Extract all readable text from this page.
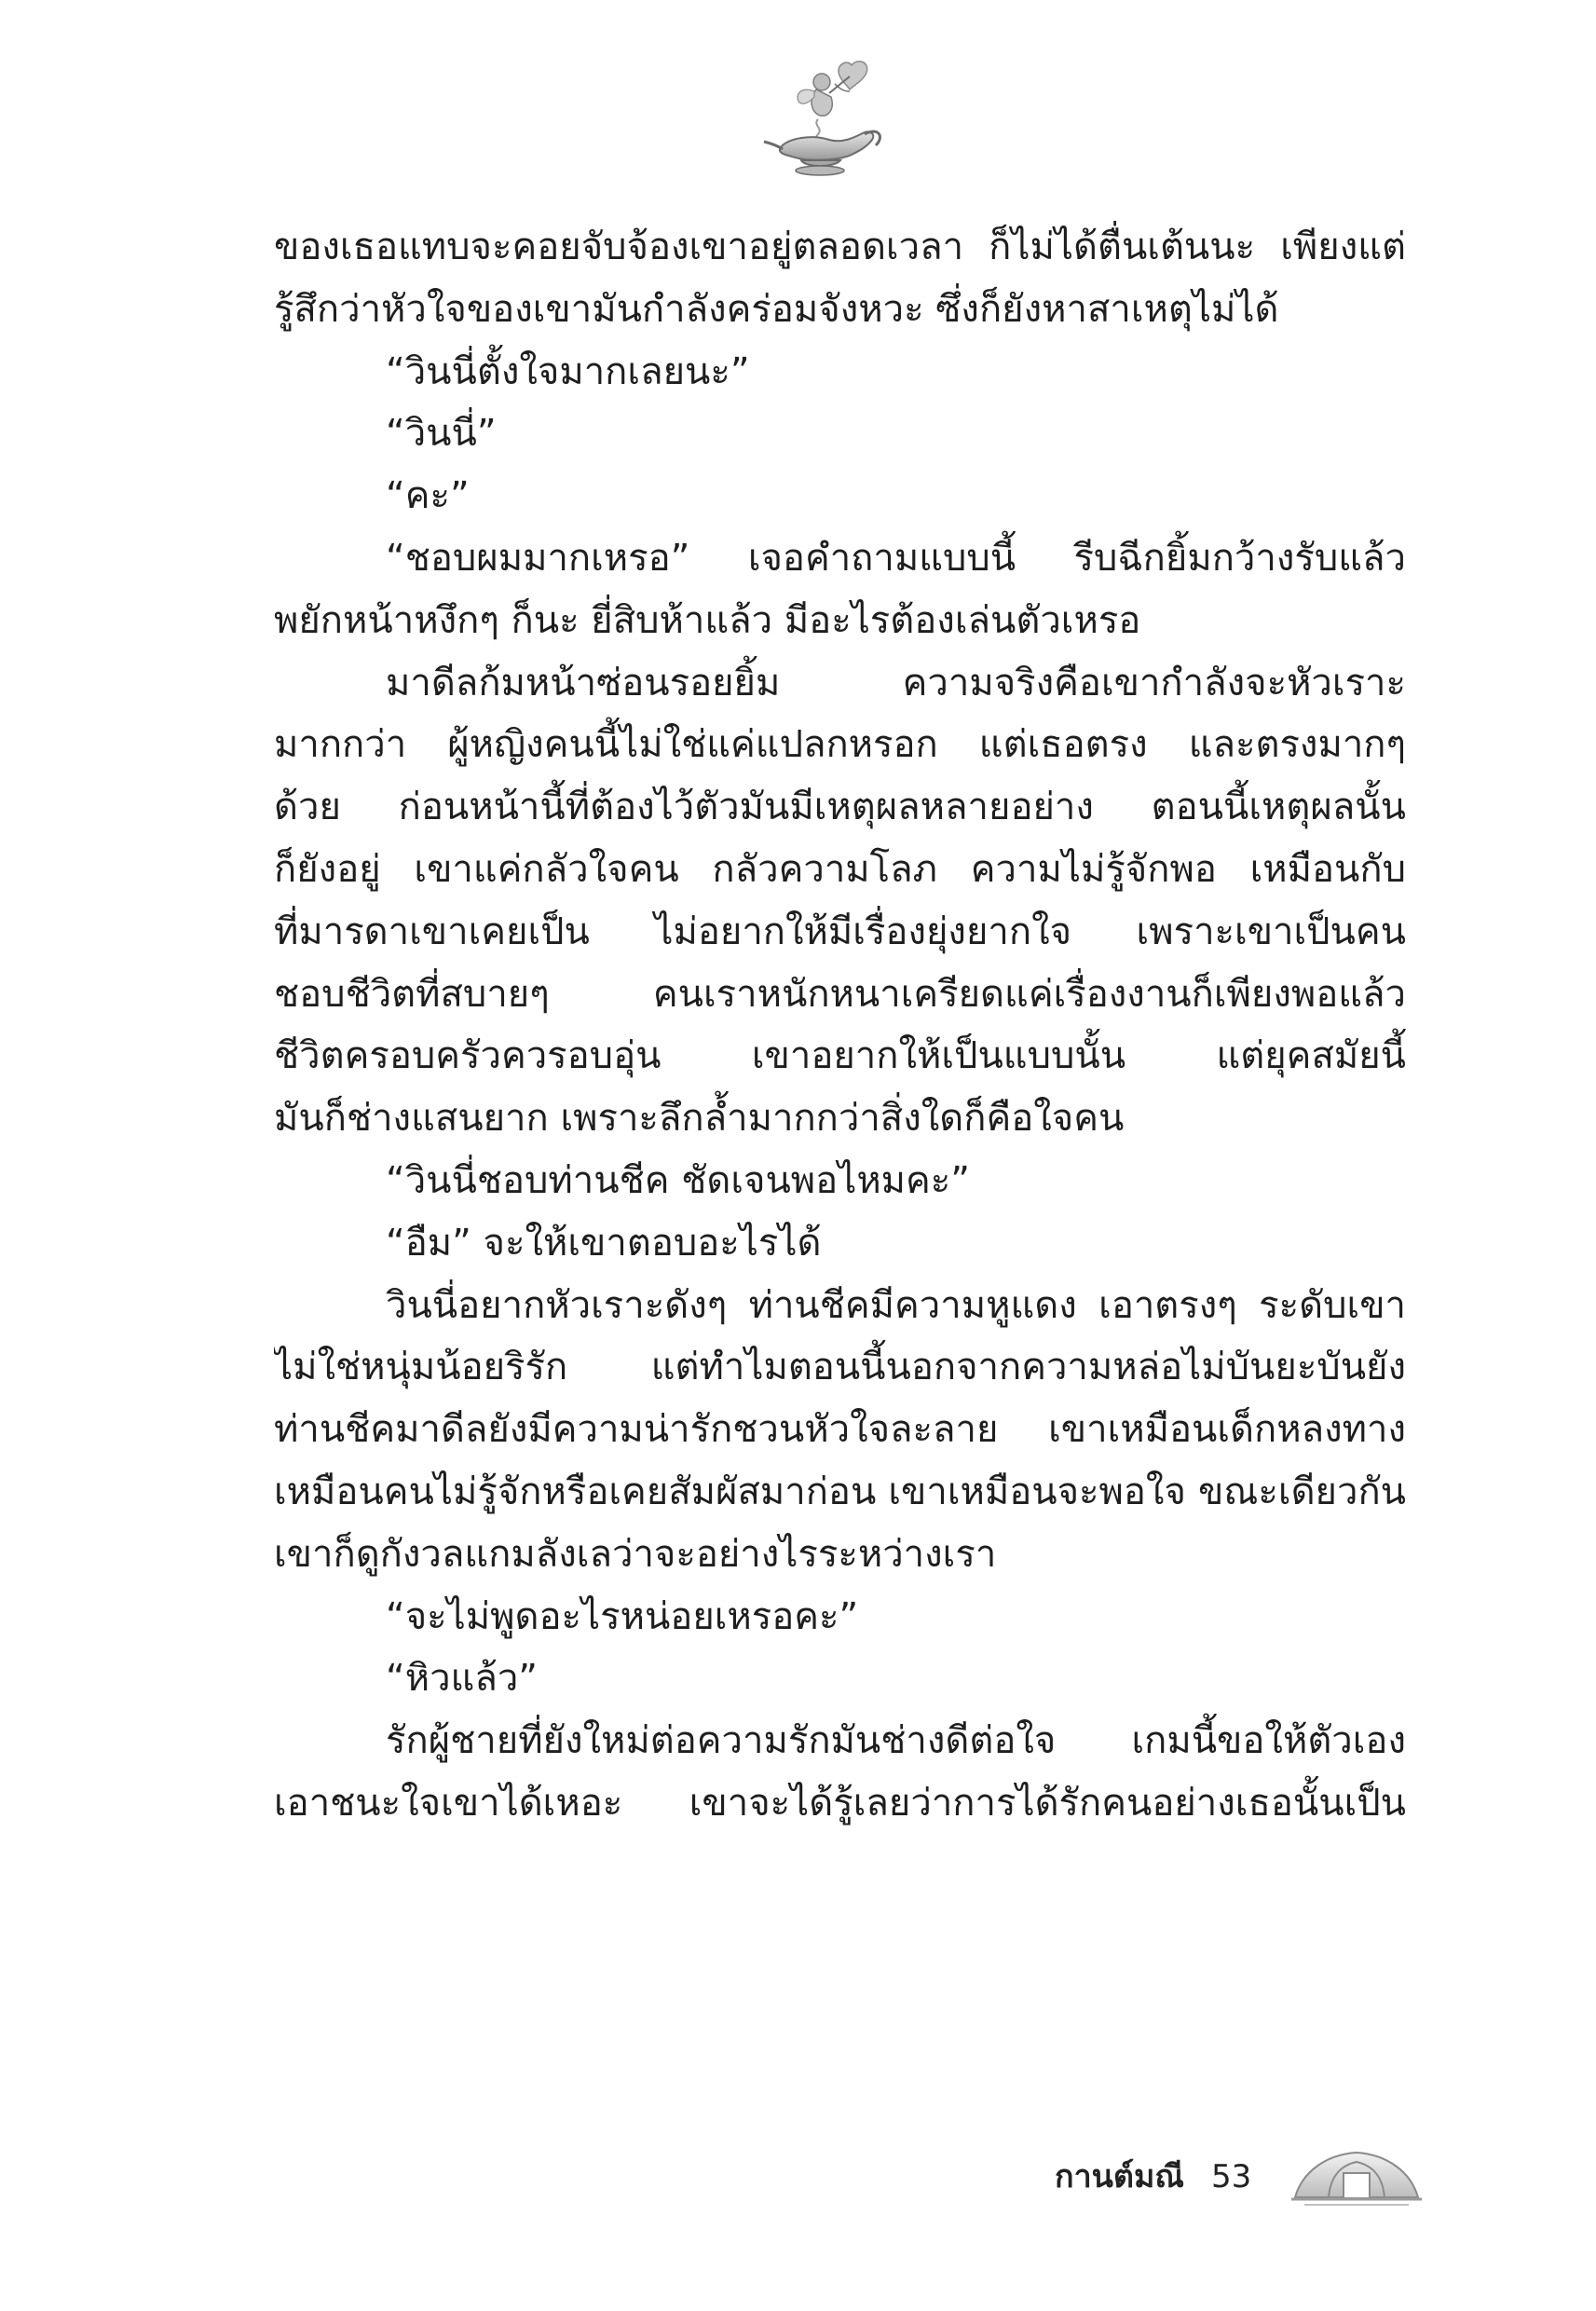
ของเธอแทบจะคอยจับจ้องเขาอยู่ตลอดเวลา ก็ไม่ได้ตื่นเต้นนะ เพียงแต่
รู้สึกว่าหัวใจของเขามันกำลังคร่อมจังหวะ ซึ่งก็ยังหาสาเหตุไม่ได้
“วินนี่ตั้งใจมากเลยนะ”
“วินนี่”
“คะ”
“ชอบผมมากเหรอ” เจอคำถามแบบนี้ รีบฉีกยิ้มกว้างรับแล้ว
พยักหน้าหงึกๆ ก็นะ ยี่สิบห้าแล้ว มีอะไรต้องเล่นตัวเหรอ
มาดีลก้มหน้าซ่อนรอยยิ้ม ความจริงคือเขากำลังจะหัวเราะ
มากกว่า ผู้หญิงคนนี้ไม่ใช่แค่แปลกหรอก แต่เธอตรง และตรงมากๆ
ด้วย ก่อนหน้านี้ที่ต้องไว้ตัวมันมีเหตุผลหลายอย่าง ตอนนี้เหตุผลนั้น
ก็ยังอยู่ เขาแค่กลัวใจคน กลัวความโลภ ความไม่รู้จักพอ เหมือนกับ
ที่มารดาเขาเคยเป็น ไม่อยากให้มีเรื่องยุ่งยากใจ เพราะเขาเป็นคน
ชอบชีวิตที่สบายๆ คนเราหนักหนาเครียดแค่เรื่องงานก็เพียงพอแล้ว
ชีวิตครอบครัวควรอบอุ่น เขาอยากให้เป็นแบบนั้น แต่ยุคสมัยนี้
มันก็ช่างแสนยาก เพราะลึกล้ำมากกว่าสิ่งใดก็คือใจคน
“วินนี่ชอบท่านชีค ชัดเจนพอไหมคะ”
“อืม” จะให้เขาตอบอะไรได้
วินนี่อยากหัวเราะดังๆ ท่านชีคมีความหูแดง เอาตรงๆ ระดับเขา
ไม่ใช่หนุ่มน้อยริรัก แต่ทำไมตอนนี้นอกจากความหล่อไม่บันยะบันยัง
ท่านชีคมาดีลยังมีความน่ารักชวนหัวใจละลาย เขาเหมือนเด็กหลงทาง
เหมือนคนไม่รู้จักหรือเคยสัมผัสมาก่อน เขาเหมือนจะพอใจ ขณะเดียวกัน
เขาก็ดูกังวลแกมลังเลว่าจะอย่างไรระหว่างเรา
“จะไม่พูดอะไรหน่อยเหรอคะ”
“หิวแล้ว”
รักผู้ชายที่ยังใหม่ต่อความรักมันช่างดีต่อใจ เกมนี้ขอให้ตัวเอง
เอาชนะใจเขาได้เหอะ เขาจะได้รู้เลยว่าการได้รักคนอย่างเธอนั้นเป็น
กานต์มณี 53
